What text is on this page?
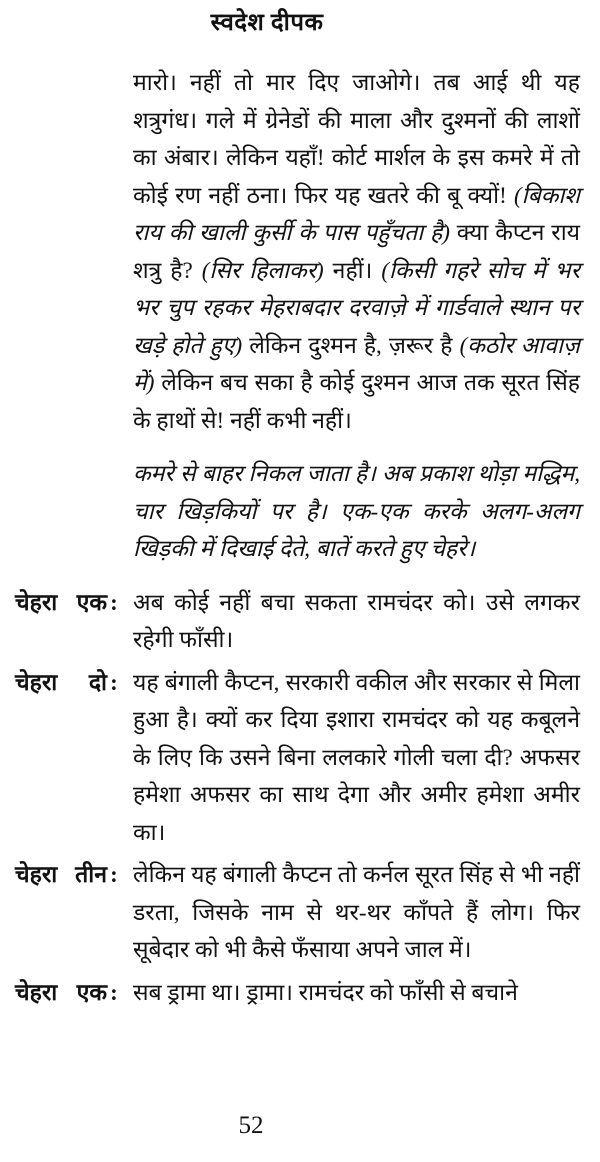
स्वदेश दीपक
मारो। नहीं तो मार दिए जाओगे। तब आई थी यह शत्रुगंध। गले में ग्रेनेडों की माला और दुश्मनों की लाशों का अंबार। लेकिन यहाँ! कोर्ट मार्शल के इस कमरे में तो कोई रण नहीं ठना। फिर यह खतरे की बू क्यों! (बिकाश राय की खाली कुर्सी के पास पहुँचता है) क्या कैप्टन राय शत्रु है? (सिर हिलाकर) नहीं। (किसी गहरे सोच में भर भर चुप रहकर मेहराबदार दरवाज़े में गार्डवाले स्थान पर खड़े होते हुए) लेकिन दुश्मन है, ज़रूर है (कठोर आवाज़ में) लेकिन बच सका है कोई दुश्मन आज तक सूरत सिंह के हाथों से! नहीं कभी नहीं।
कमरे से बाहर निकल जाता है। अब प्रकाश थोड़ा मद्धिम, चार खिड़कियों पर है। एक-एक करके अलग-अलग खिड़की में दिखाई देते, बातें करते हुए चेहरे।
चेहरा एक : अब कोई नहीं बचा सकता रामचंदर को। उसे लगकर रहेगी फाँसी।
चेहरा दो : यह बंगाली कैप्टन, सरकारी वकील और सरकार से मिला हुआ है। क्यों कर दिया इशारा रामचंदर को यह कबूलने के लिए कि उसने बिना ललकारे गोली चला दी? अफसर हमेशा अफसर का साथ देगा और अमीर हमेशा अमीर का।
चेहरा तीन : लेकिन यह बंगाली कैप्टन तो कर्नल सूरत सिंह से भी नहीं डरता, जिसके नाम से थर-थर काँपते हैं लोग। फिर सूबेदार को भी कैसे फँसाया अपने जाल में।
चेहरा एक : सब ड्रामा था। ड्रामा। रामचंदर को फाँसी से बचाने
52
